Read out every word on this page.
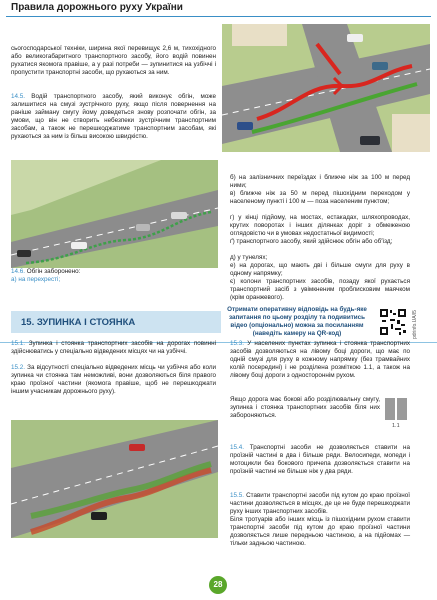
Правила дорожнього руху України

сьогосподарської техніки, ширина якої перевищує 2,6 м, тихохідного або великогабаритного транспортного засобу, його водій повинен рухатися якомога правіше, а у разі потреби — зупинитися на узбіччі і пропустити транспортні засоби, що рухаються за ним.

14.5. Водій транспортного засобу, який виконує обгін, може залишитися на смузі зустрічного руху, якщо після повернення на раніше займану смугу йому доведеться знову розпочати обгін, за умови, що він не створить небезпеки зустрічним транспортним засобам, а також не перешкоджатиме транспортним засобам, які рухаються за ним із більш високою швидкістю.

14.6. Обгін заборонено:
а) на перехресті;

б) на залізничних переїздах і ближче ніж за 100 м перед ними;

в) ближче ніж за 50 м перед пішохідним переходом у населеному пункті і 100 м — поза населеним пунктом;

г) у кінці підйому, на мостах, естакадах, шляхопроводах, крутих поворотах і інших ділянках доріг з обмеженою оглядовістю чи в умовах недостатньої видимості;

ґ) транспортного засобу, який здійснює обгін або об'їзд;

д) у тунелях;

е) на дорогах, що мають дві і більше смуги для руху в одному напрямку;

є) колони транспортних засобів, позаду якої рухається транспортний засіб з увімкненим проблисковим маячком (крім оранжевого).

15. ЗУПИНКА І СТОЯНКА
Отримати оперативну відповідь на будь-яке запитання по цьому розділу та подивитись відео (опціонально) можна за посиланням (наведіть камеру на QR-код)	pdrinfo.UA/l5

15.1. Зупинка і стоянка транспортних засобів на дорогах повинні здійснюватись у спеціально відведених місцях чи на узбіччі.

15.2. За відсутності спеціально відведених місць чи узбіччя або коли зупинка чи стоянка там неможливі, вони дозволяються біля правого краю проїзної частини (якомога правіше, щоб не перешкоджати іншим учасникам дорожнього руху).

15.3. У населених пунктах зупинка і стоянка транспортних засобів дозволяються на лівому боці дороги, що має по одній смузі для руху в кожному напрямку (без трамвайних колій посередині) і не розділена розміткою 1.1, а також на лівому боці дороги з одностороннім рухом.

Якщо дорога має бокові або розділювальну смугу, зупинка і стоянка транспортних засобів біля них забороняються.

1.1

15.4. Транспортні засоби не дозволяється ставити на проїзній частині в два і більше ряди. Велосипеди, мопеди і мотоцикли без бокового причепа дозволяється ставити на проїзній частині не більше ніж у два ряди.

15.5. Ставити транспортні засоби під кутом до краю проїзної частини дозволяється в місцях, де це не буде перешкоджати руху інших транспортних засобів.

Біля тротуарів або інших місць із пішохідним рухом ставити транспортні засоби під кутом до краю проїзної частини дозволяється лише передньою частиною, а на підйомах — тільки задньою частиною.

28
